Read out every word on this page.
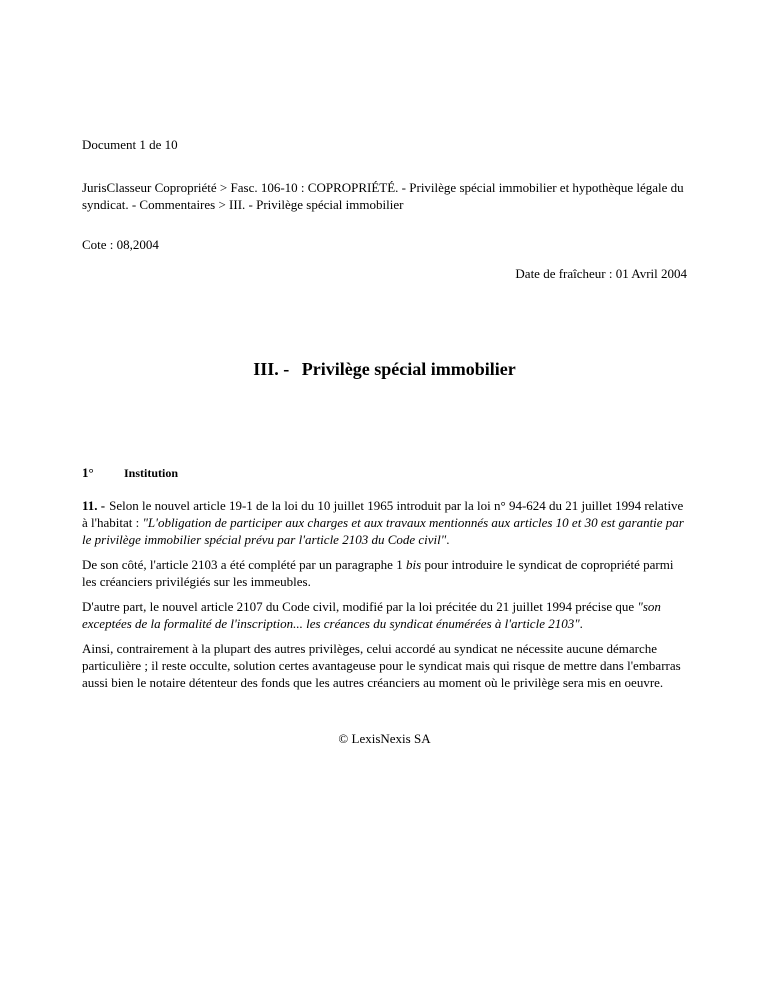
Document 1 de 10
JurisClasseur Copropriété > Fasc. 106-10 : COPROPRIÉTÉ. - Privilège spécial immobilier et hypothèque légale du syndicat. - Commentaires > III. - Privilège spécial immobilier
Cote : 08,2004
Date de fraîcheur : 01 Avril 2004
III. - Privilège spécial immobilier
1°	Institution

11. - Selon le nouvel article 19-1 de la loi du 10 juillet 1965 introduit par la loi n° 94-624 du 21 juillet 1994 relative à l'habitat : "L'obligation de participer aux charges et aux travaux mentionnés aux articles 10 et 30 est garantie par le privilège immobilier spécial prévu par l'article 2103 du Code civil".

De son côté, l'article 2103 a été complété par un paragraphe 1 bis pour introduire le syndicat de copropriété parmi les créanciers privilégiés sur les immeubles.

D'autre part, le nouvel article 2107 du Code civil, modifié par la loi précitée du 21 juillet 1994 précise que "son exceptées de la formalité de l'inscription... les créances du syndicat énumérées à l'article 2103".

Ainsi, contrairement à la plupart des autres privilèges, celui accordé au syndicat ne nécessite aucune démarche particulière ; il reste occulte, solution certes avantageuse pour le syndicat mais qui risque de mettre dans l'embarras aussi bien le notaire détenteur des fonds que les autres créanciers au moment où le privilège sera mis en oeuvre.

© LexisNexis SA
